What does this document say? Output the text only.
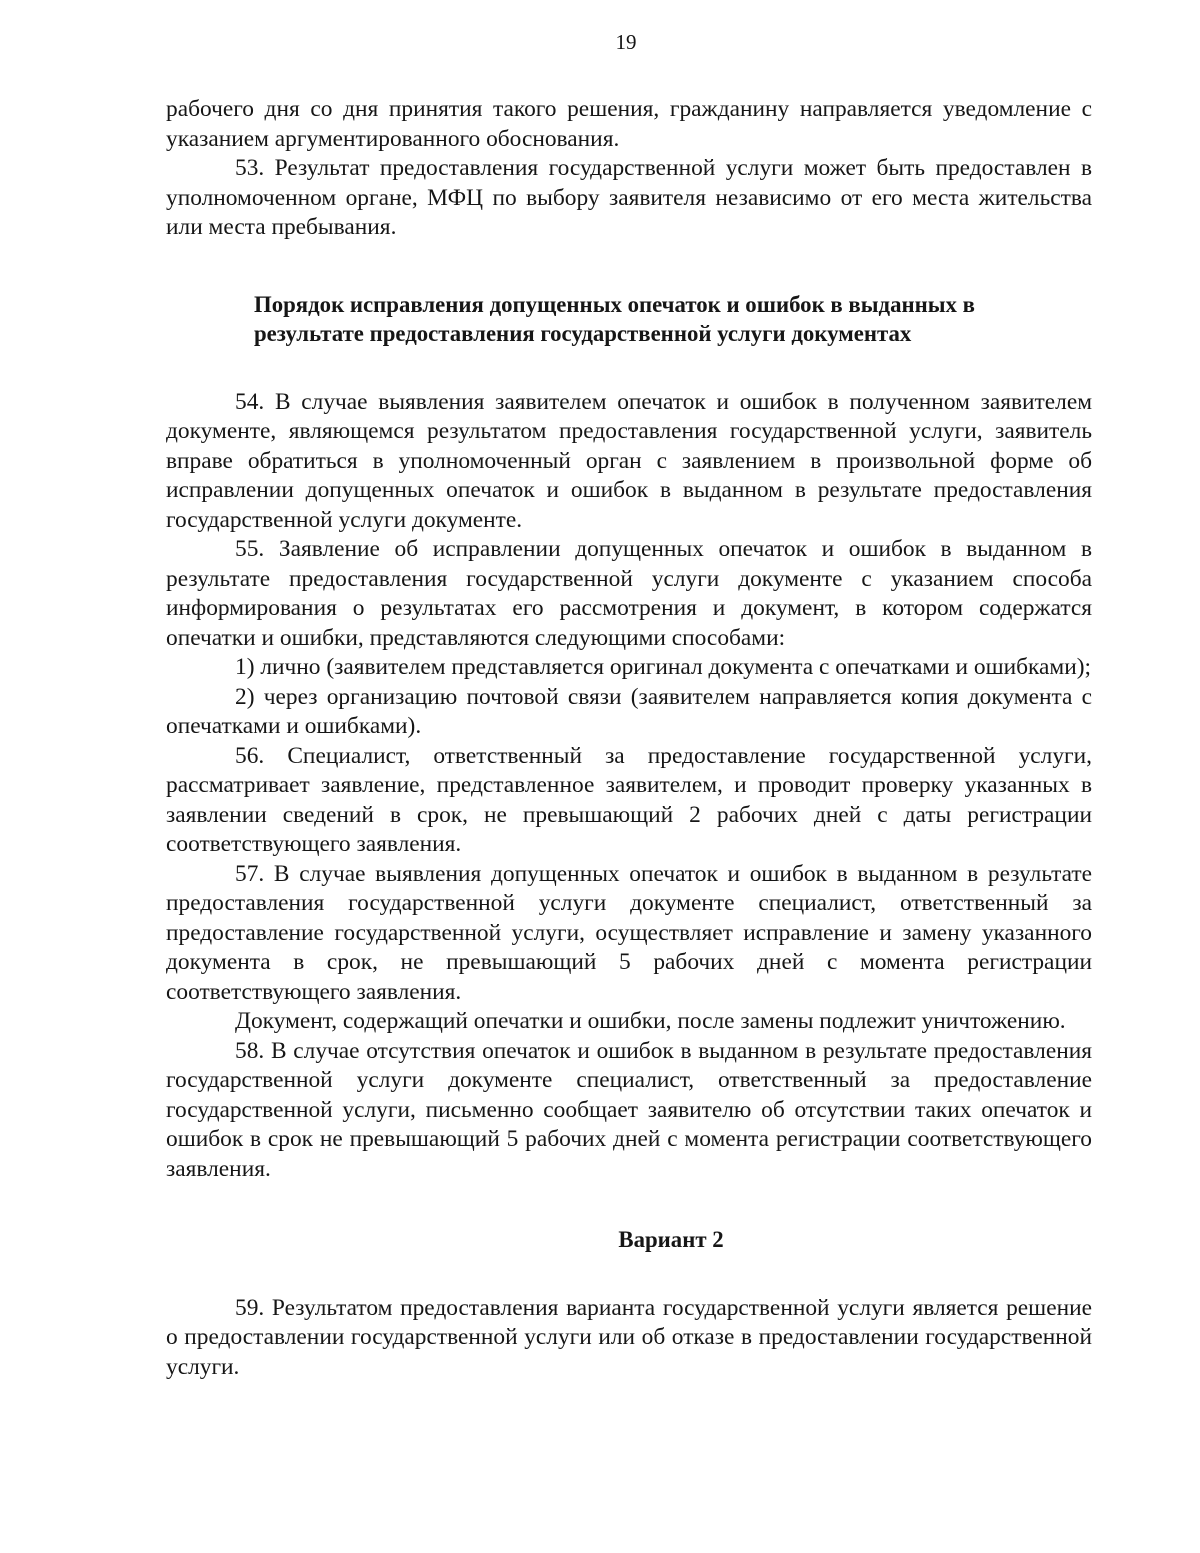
19

рабочего дня со дня принятия такого решения, гражданину направляется уведомление с указанием аргументированного обоснования.

53. Результат предоставления государственной услуги может быть предоставлен в уполномоченном органе, МФЦ по выбору заявителя независимо от его места жительства или места пребывания.

Порядок исправления допущенных опечаток и ошибок в выданных в результате предоставления государственной услуги документах

54. В случае выявления заявителем опечаток и ошибок в полученном заявителем документе, являющемся результатом предоставления государственной услуги, заявитель вправе обратиться в уполномоченный орган с заявлением в произвольной форме об исправлении допущенных опечаток и ошибок в выданном в результате предоставления государственной услуги документе.

55. Заявление об исправлении допущенных опечаток и ошибок в выданном в результате предоставления государственной услуги документе с указанием способа информирования о результатах его рассмотрения и документ, в котором содержатся опечатки и ошибки, представляются следующими способами:

1) лично (заявителем представляется оригинал документа с опечатками и ошибками);

2) через организацию почтовой связи (заявителем направляется копия документа с опечатками и ошибками).

56. Специалист, ответственный за предоставление государственной услуги, рассматривает заявление, представленное заявителем, и проводит проверку указанных в заявлении сведений в срок, не превышающий 2 рабочих дней с даты регистрации соответствующего заявления.

57. В случае выявления допущенных опечаток и ошибок в выданном в результате предоставления государственной услуги документе специалист, ответственный за предоставление государственной услуги, осуществляет исправление и замену указанного документа в срок, не превышающий 5 рабочих дней с момента регистрации соответствующего заявления.

Документ, содержащий опечатки и ошибки, после замены подлежит уничтожению.

58. В случае отсутствия опечаток и ошибок в выданном в результате предоставления государственной услуги документе специалист, ответственный за предоставление государственной услуги, письменно сообщает заявителю об отсутствии таких опечаток и ошибок в срок не превышающий 5 рабочих дней с момента регистрации соответствующего заявления.

Вариант 2

59. Результатом предоставления варианта государственной услуги является решение о предоставлении государственной услуги или об отказе в предоставлении государственной услуги.
